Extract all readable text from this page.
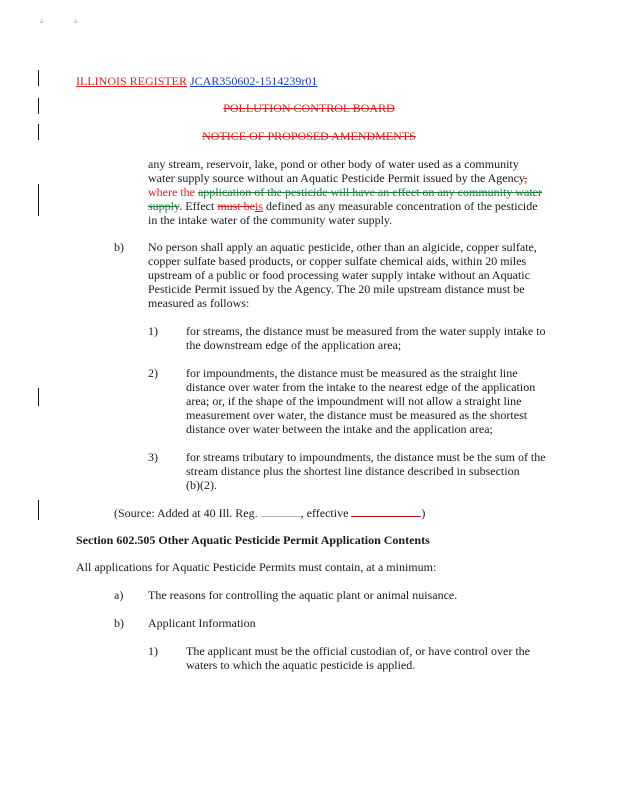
a	a
ILLINOIS REGISTER JCAR350602-1514239r01
POLLUTION CONTROL BOARD
NOTICE OF PROPOSED AMENDMENTS
any stream, reservoir, lake, pond or other body of water used as a community
water supply source without an Aquatic Pesticide Permit issued by the Agency,
where the application of the pesticide will have an effect on any community water
supply. Effect must beis defined as any measurable concentration of the pesticide
in the intake water of the community water supply.
b) No person shall apply an aquatic pesticide, other than an algicide, copper sulfate,
copper sulfate based products, or copper sulfate chemical aids, within 20 miles
upstream of a public or food processing water supply intake without an Aquatic
Pesticide Permit issued by the Agency. The 20 mile upstream distance must be
measured as follows:
1) for streams, the distance must be measured from the water supply intake to
the downstream edge of the application area;
2) for impoundments, the distance must be measured as the straight line
distance over water from the intake to the nearest edge of the application
area; or, if the shape of the impoundment will not allow a straight line
measurement over water, the distance must be measured as the shortest
distance over water between the intake and the application area;
3) for streams tributary to impoundments, the distance must be the sum of the
stream distance plus the shortest line distance described in subsection
(b)(2).
(Source: Added at 40 Ill. Reg.	, effective	)
Section 602.505 Other Aquatic Pesticide Permit Application Contents
All applications for Aquatic Pesticide Permits must contain, at a minimum:
a) The reasons for controlling the aquatic plant or animal nuisance.
b) Applicant Information
1) The applicant must be the official custodian of, or have control over the
waters to which the aquatic pesticide is applied.
